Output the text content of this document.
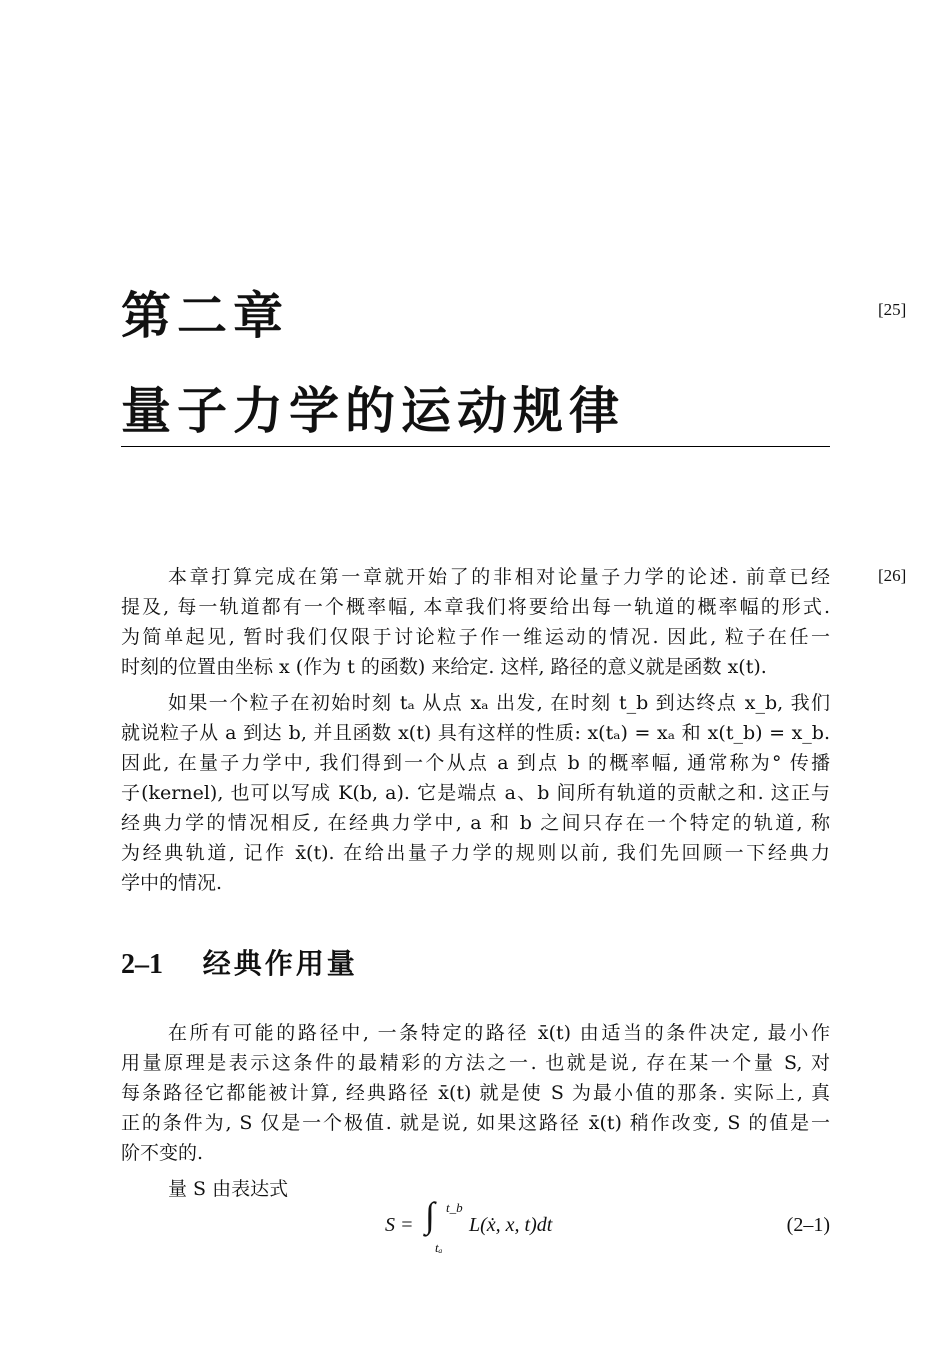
第二章	[25]
量子力学的运动规律
[26]
本章打算完成在第一章就开始了的非相对论量子力学的论述. 前章已经
提及, 每一轨道都有一个概率幅, 本章我们将要给出每一轨道的概率幅的形式.
为简单起见, 暂时我们仅限于讨论粒子作一维运动的情况. 因此, 粒子在任一
时刻的位置由坐标 x (作为 t 的函数) 来给定. 这样, 路径的意义就是函数 x(t).
如果一个粒子在初始时刻 tₐ 从点 xₐ 出发, 在时刻 t_b 到达终点 x_b, 我们
就说粒子从 a 到达 b, 并且函数 x(t) 具有这样的性质: x(tₐ) = xₐ 和 x(t_b) = x_b.
因此, 在量子力学中, 我们得到一个从点 a 到点 b 的概率幅, 通常称为° 传播
子(kernel), 也可以写成 K(b, a). 它是端点 a、b 间所有轨道的贡献之和. 这正与
经典力学的情况相反, 在经典力学中, a 和 b 之间只存在一个特定的轨道, 称
为经典轨道, 记作 x̄(t). 在给出量子力学的规则以前, 我们先回顾一下经典力
学中的情况.
2–1 经典作用量
在所有可能的路径中, 一条特定的路径 x̄(t) 由适当的条件决定, 最小作
用量原理是表示这条件的最精彩的方法之一. 也就是说, 存在某一个量 S, 对
每条路径它都能被计算, 经典路径 x̄(t) 就是使 S 为最小值的那条. 实际上, 真
正的条件为, S 仅是一个极值. 就是说, 如果这路径 x̄(t) 稍作改变, S 的值是一
阶不变的.
量 S 由表达式
S = ∫ t_b
tₐ
L(ẋ, x, t)dt	(2–1)
